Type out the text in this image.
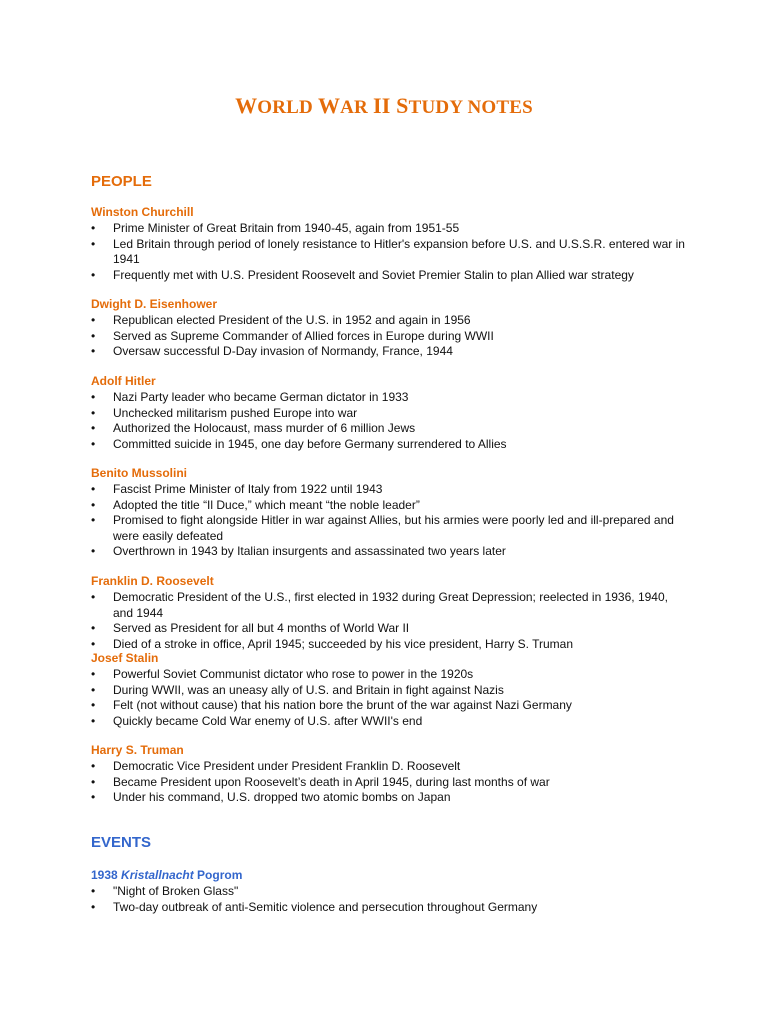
WORLD WAR II STUDY NOTES
PEOPLE
Winston Churchill
• Prime Minister of Great Britain from 1940-45, again from 1951-55
• Led Britain through period of lonely resistance to Hitler's expansion before U.S. and U.S.S.R. entered war in 1941
• Frequently met with U.S. President Roosevelt and Soviet Premier Stalin to plan Allied war strategy
Dwight D. Eisenhower
• Republican elected President of the U.S. in 1952 and again in 1956
• Served as Supreme Commander of Allied forces in Europe during WWII
• Oversaw successful D-Day invasion of Normandy, France, 1944
Adolf Hitler
• Nazi Party leader who became German dictator in 1933
• Unchecked militarism pushed Europe into war
• Authorized the Holocaust, mass murder of 6 million Jews
• Committed suicide in 1945, one day before Germany surrendered to Allies
Benito Mussolini
• Fascist Prime Minister of Italy from 1922 until 1943
• Adopted the title “Il Duce,” which meant “the noble leader”
• Promised to fight alongside Hitler in war against Allies, but his armies were poorly led and ill-prepared and were easily defeated
• Overthrown in 1943 by Italian insurgents and assassinated two years later
Franklin D. Roosevelt
• Democratic President of the U.S., first elected in 1932 during Great Depression; reelected in 1936, 1940, and 1944
• Served as President for all but 4 months of World War II
• Died of a stroke in office, April 1945; succeeded by his vice president, Harry S. Truman
Josef Stalin
• Powerful Soviet Communist dictator who rose to power in the 1920s
• During WWII, was an uneasy ally of U.S. and Britain in fight against Nazis
• Felt (not without cause) that his nation bore the brunt of the war against Nazi Germany
• Quickly became Cold War enemy of U.S. after WWII's end
Harry S. Truman
• Democratic Vice President under President Franklin D. Roosevelt
• Became President upon Roosevelt’s death in April 1945, during last months of war
• Under his command, U.S. dropped two atomic bombs on Japan
EVENTS
1938 Kristallnacht Pogrom
• "Night of Broken Glass"
• Two-day outbreak of anti-Semitic violence and persecution throughout Germany
